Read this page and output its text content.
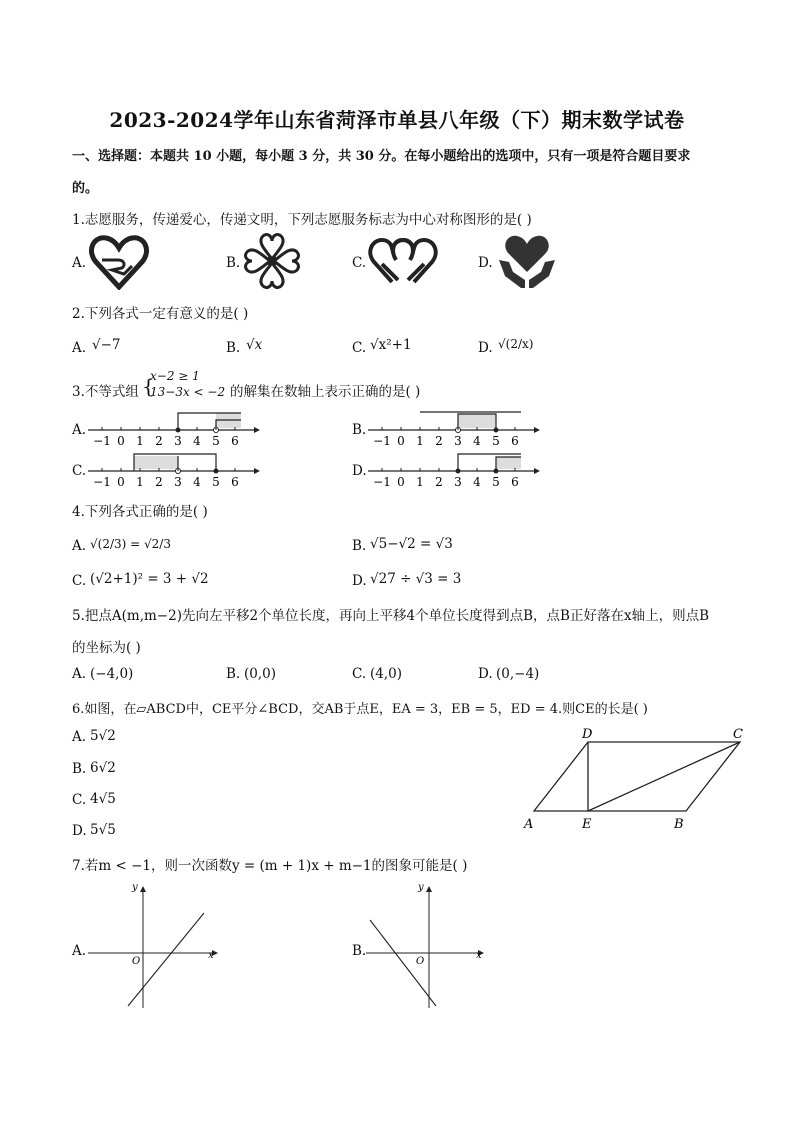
2023-2024学年山东省菏泽市单县八年级（下）期末数学试卷
一、选择题：本题共 10 小题，每小题 3 分，共 30 分。在每小题给出的选项中，只有一项是符合题目要求
的。
1.志愿服务，传递爱心，传递文明，下列志愿服务标志为中心对称图形的是( )
A.	B.	C.	D.
2.下列各式一定有意义的是( )
A. √−7	B. √x	C. √x²+1	D. √(2/x)
3.不等式组 {
x−2 ≥ 1
13−3x < −2 的解集在数轴上表示正确的是( )
A.	B.
C.	D.
−1 0 1 2 3 4 5 6	−1 0 1 2 3 4 5 6
−1 0 1 2 3 4 5 6	−1 0 1 2 3 4 5 6
4.下列各式正确的是( )
A. √(2/3) = √2/3	B. √5−√2 = √3
C. (√2+1)² = 3 + √2	D. √27 ÷ √3 = 3
5.把点A(m,m−2)先向左平移2个单位长度，再向上平移4个单位长度得到点B，点B正好落在x轴上，则点B
的坐标为( )
A. (−4,0)	B. (0,0)	C. (4,0)	D. (0,−4)
6.如图，在▱ABCD中，CE平分∠BCD，交AB于点E，EA = 3，EB = 5，ED = 4.则CE的长是( )
A. 5√2
B. 6√2
C. 4√5
D. 5√5	A	E	B
D	C
7.若m < −1，则一次函数y = (m + 1)x + m−1的图象可能是( )
A.	B.
y
x
O
y
x
O
